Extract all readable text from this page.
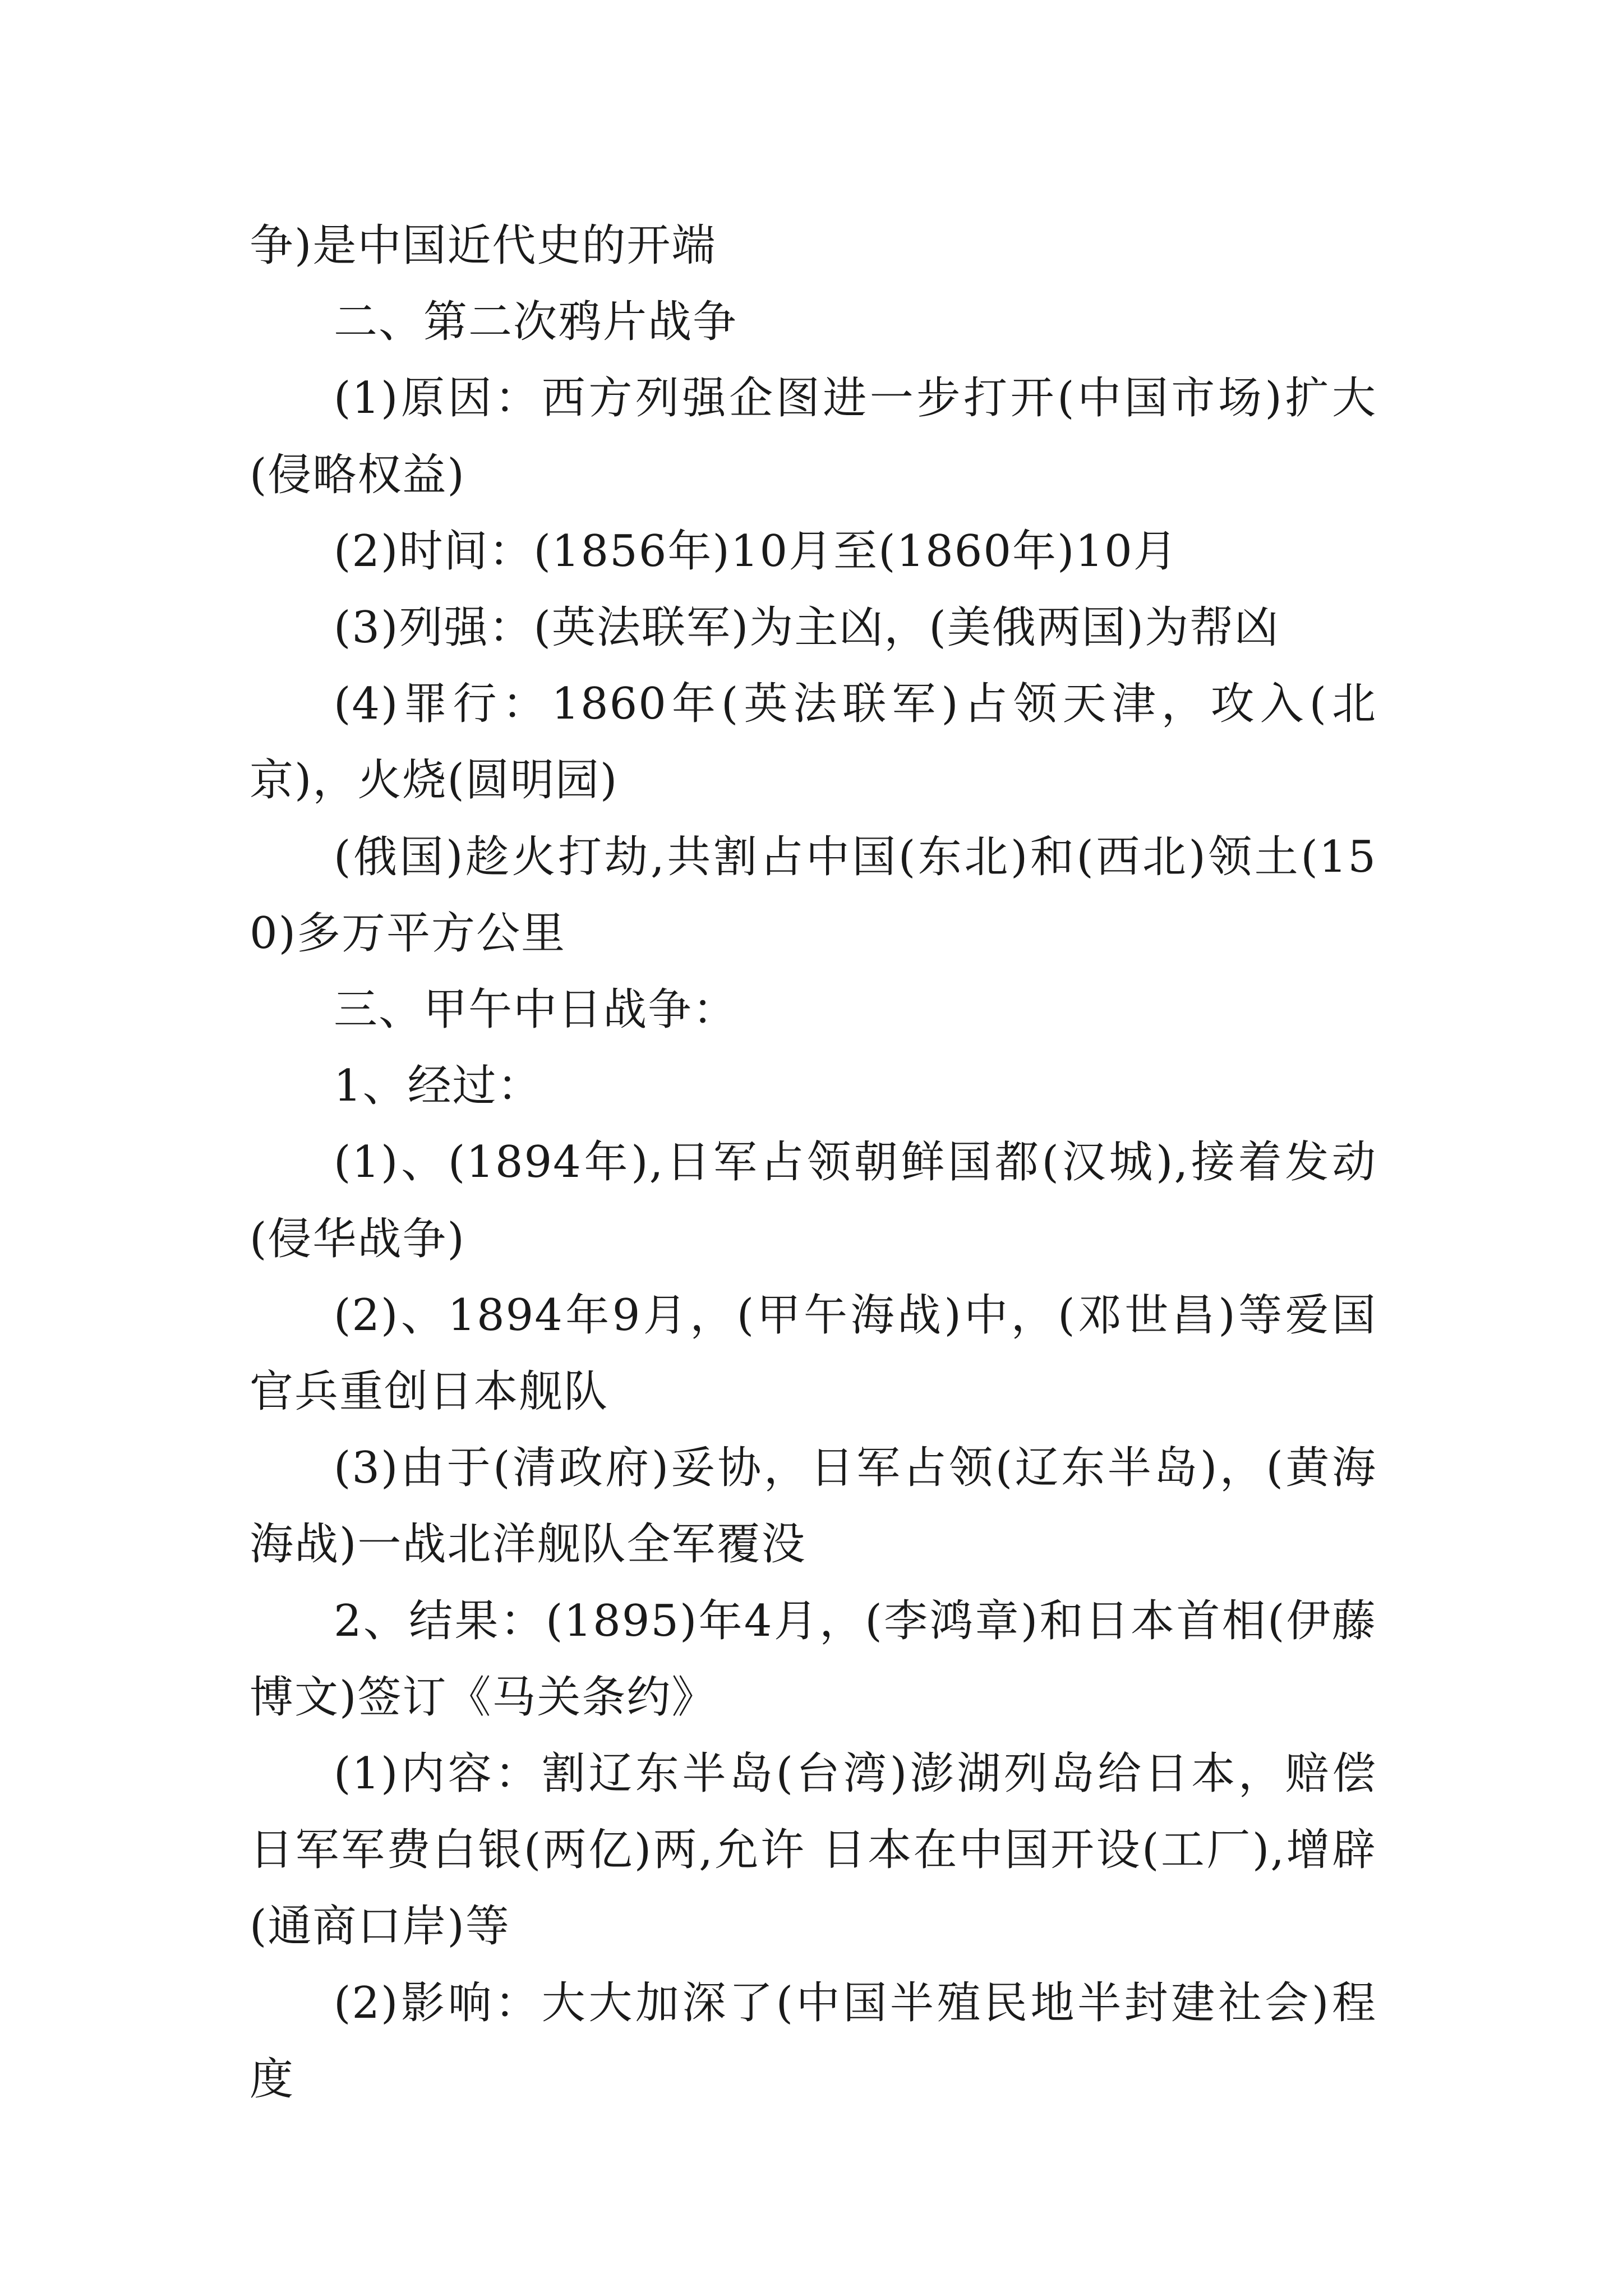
争)是中国近代史的开端

二、第二次鸦片战争

(1)原因：西方列强企图进一步打开(中国市场)扩大(侵略权益)

(2)时间：(1856年)10月至(1860年)10月

(3)列强：(英法联军)为主凶，(美俄两国)为帮凶

(4)罪行：1860年(英法联军)占领天津，攻入(北京)，火烧(圆明园)

(俄国)趁火打劫,共割占中国(东北)和(西北)领土(150)多万平方公里

三、甲午中日战争：

1、经过：

(1)、(1894年),日军占领朝鲜国都(汉城),接着发动(侵华战争)

(2)、1894年9月，(甲午海战)中，(邓世昌)等爱国官兵重创日本舰队

(3)由于(清政府)妥协，日军占领(辽东半岛)，(黄海海战)一战北洋舰队全军覆没

2、结果：(1895)年4月，(李鸿章)和日本首相(伊藤博文)签订《马关条约》

(1)内容：割辽东半岛(台湾)澎湖列岛给日本，赔偿日军军费白银(两亿)两,允许 日本在中国开设(工厂),增辟(通商口岸)等

(2)影响：大大加深了(中国半殖民地半封建社会)程度
